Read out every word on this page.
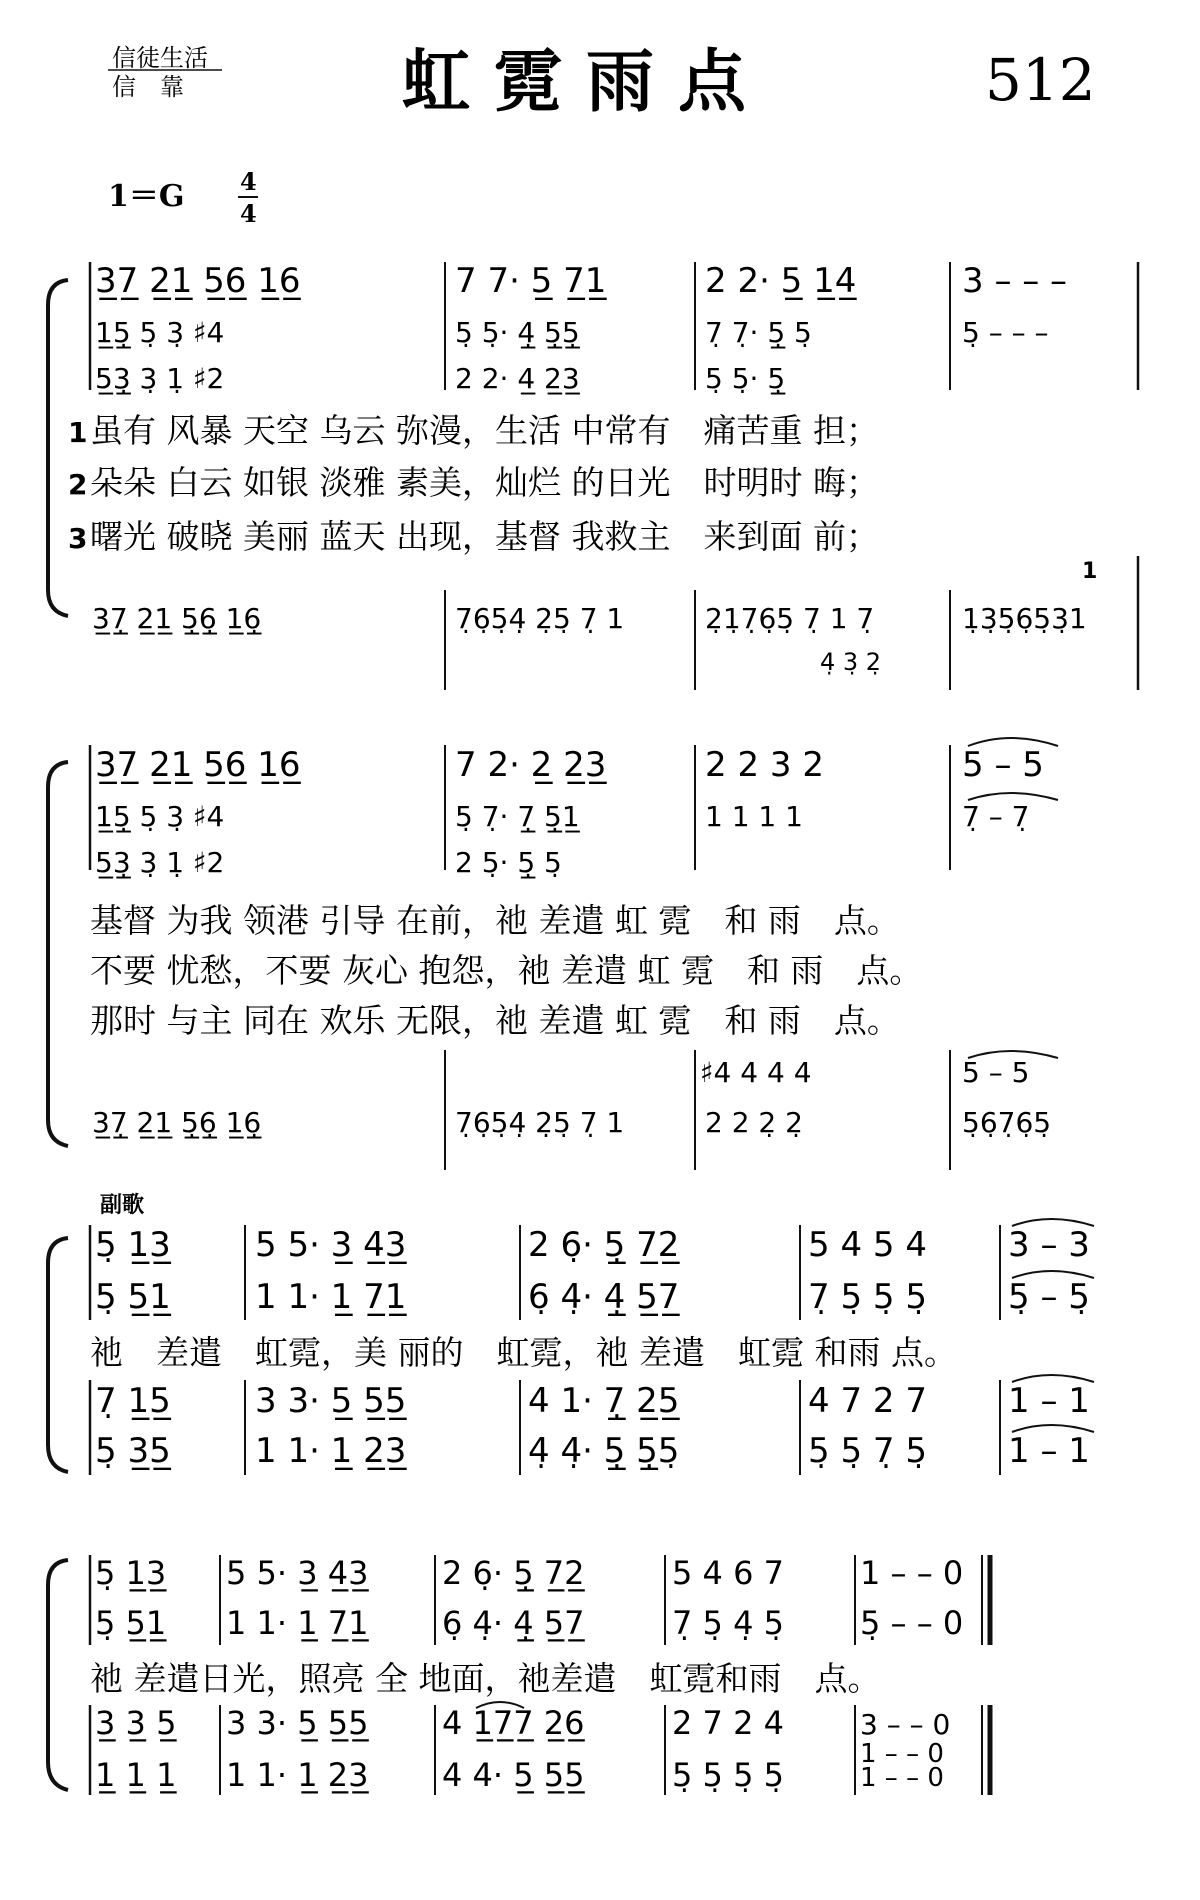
信徒生活
信　靠	虹霓雨点	512
1＝G 4
4
3̲7̲ 2̲1̲ 5̲6̲ 1̲6̲	7 7· 5̲ 7̲1̲	2 2· 5̲ 1̲4̲	3 – – –
1̲5̣̲ 5̣ 3̣ ♯4	5̣ 5̣· 4̣̲ 5̣̲5̣̲	7̣ 7̣· 5̣̲ 5̣	5̣ – – –
5̲3̣̲ 3̣ 1̣ ♯2	2 2· 4̲ 2̲3̲	5̣ 5̣· 5̣̲
1 虽有 风暴 天空 乌云 弥漫，生活 中常有　痛苦重 担；
2 朵朵 白云 如银 淡雅 素美，灿烂 的日光　时明时 晦；
3 曙光 破晓 美丽 蓝天 出现，基督 我救主　来到面 前；
1
3̲7̣̲ 2̲1̲ 5̣̲6̣̲ 1̲6̣̲	7̣6̣5̣4̣ 2̣5̣ 7̣ 1	2̣1̣7̣6̣5̣ 7̣ 1 7̣	1̣3̣5̣6̣5̣3̣1
4̣ 3̣ 2̣
3̲7̲ 2̲1̲ 5̲6̲ 1̲6̲	7 2· 2̲ 2̲3̲	2 2 3 2	5 – 5
1̲5̣̲ 5̣ 3̣ ♯4	5̣ 7̣· 7̣̲ 5̣̲1̲	1 1 1 1	7̣ – 7̣
5̲3̣̲ 3̣ 1̣ ♯2	2 5̣· 5̣̲ 5̣
基督 为我 领港 引导 在前，祂 差遣 虹 霓　和 雨　点。
不要 忧愁，不要 灰心 抱怨，祂 差遣 虹 霓　和 雨　点。
那时 与主 同在 欢乐 无限，祂 差遣 虹 霓　和 雨　点。
♯4 4 4 4	5 – 5
3̲7̣̲ 2̲1̲ 5̣̲6̣̲ 1̲6̣̲	7̣6̣5̣4̣ 2̣5̣ 7̣ 1	2 2 2̣ 2̣	5̣6̣7̣6̣5̣
副歌
5̣ 1̲3̲ 5 5· 3̲ 4̲3̲	2 6̣· 5̣̲ 7̲2̲	5 4 5 4 3 – 3
5̣ 5̲1̲ 1 1· 1̲ 7̲1̲	6̣ 4̣· 4̣̲ 5̲7̲	7̣ 5̣ 5̣ 5̣ 5̣ – 5̣
祂　差遣　虹霓，美 丽的　虹霓，祂 差遣　虹霓 和雨 点。
7̣ 1̲5̲ 3 3· 5̲ 5̲5̲	4 1· 7̣̲ 2̲5̲	4 7 2 7 1 – 1
5̣ 3̲5̲ 1 1· 1̲ 2̲3̲	4̣ 4̣· 5̣̲ 5̣̲5̣	5̣ 5̣ 7̣ 5̣ 1 – 1
5̣ 1̲3̲ 5 5· 3̲ 4̲3̲ 2 6̣· 5̣̲ 7̲2̲	5 4 6 7 1 – – 0
5̣ 5̲1̲ 1 1· 1̲ 7̲1̲ 6̣ 4̣· 4̣̲ 5̲7̲	7̣ 5̣ 4̣ 5̣ 5̣ – – 0
祂 差遣日光，照亮 全 地面，祂差遣　虹霓和雨　点。
3̲ 3̲ 5̲ 3 3· 5̲ 5̲5̲ 4 1̲7̲7̲ 2̲6̲	2 7 2 4	3 – – 0
1 – – 0
1̲ 1̲ 1̲ 1 1· 1̲ 2̲3̲ 4 4· 5̲ 5̲5̲	5̣ 5̣ 5̣ 5̣	1 – – 0
